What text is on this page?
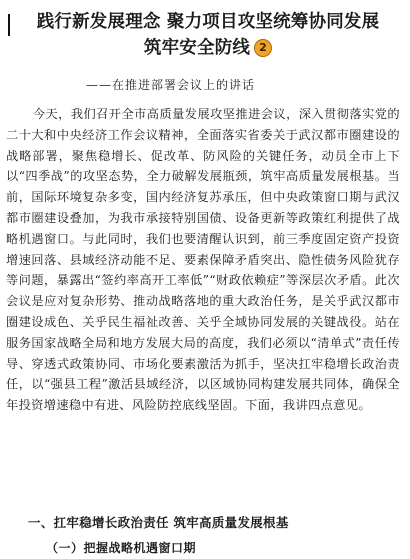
践行新发展理念 聚力项目攻坚统筹协同发展
筑牢安全防线 2
——在推进部署会议上的讲话

今天，我们召开全市高质量发展攻坚推进会议，深入贯彻落实党的二十大和中央经济工作会议精神，全面落实省委关于武汉都市圈建设的战略部署，聚焦稳增长、促改革、防风险的关键任务，动员全市上下以“四季战”的攻坚态势，全力破解发展瓶颈，筑牢高质量发展根基。当前，国际环境复杂多变，国内经济复苏承压，但中央政策窗口期与武汉都市圈建设叠加，为我市承接特别国债、设备更新等政策红利提供了战略机遇窗口。与此同时，我们也要清醒认识到，前三季度固定资产投资增速回落、县域经济动能不足、要素保障矛盾突出、隐性债务风险犹存等问题，暴露出“签约率高开工率低”“财政依赖症”等深层次矛盾。此次会议是应对复杂形势、推动战略落地的重大政治任务，是关乎武汉都市圈建设成色、关乎民生福祉改善、关乎全域协同发展的关键战役。站在服务国家战略全局和地方发展大局的高度，我们必须以“清单式”责任传导、穿透式政策协同、市场化要素激活为抓手，坚决扛牢稳增长政治责任，以“强县工程”激活县域经济，以区域协同构建发展共同体，确保全年投资增速稳中有进、风险防控底线坚固。下面，我讲四点意见。

一、扛牢稳增长政治责任 筑牢高质量发展根基
（一）把握战略机遇窗口期
